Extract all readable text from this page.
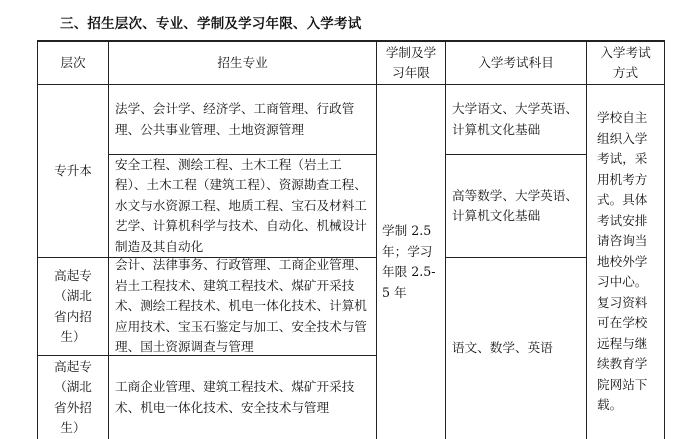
三、招生层次、专业、学制及学习年限、入学考试
层次	招生专业
学制及学习年限
入学考试科目
入学考试方式
专升本
法学、会计学、经济学、工商管理、行政管理、公共事业管理、土地资源管理
大学语文、大学英语、计算机文化基础
安全工程、测绘工程、土木工程（岩土工程）、土木工程（建筑工程）、资源勘查工程、水文与水资源工程、地质工程、宝石及材料工艺学、计算机科学与技术、自动化、机械设计制造及其自动化
高等数学、大学英语、计算机文化基础
高起专（湖北省内招生）
会计、法律事务、行政管理、工商企业管理、岩土工程技术、建筑工程技术、煤矿开采技术、测绘工程技术、机电一体化技术、计算机应用技术、宝玉石鉴定与加工、安全技术与管理、国土资源调查与管理
高起专（湖北省外招生）
工商企业管理、建筑工程技术、煤矿开采技术、机电一体化技术、安全技术与管理
语文、数学、英语
学制 2.5 年；学习年限 2.5-5 年
学校自主组织入学考试，采用机考方式。具体考试安排请咨询当地校外学习中心。复习资料可在学校远程与继续教育学院网站下载。
